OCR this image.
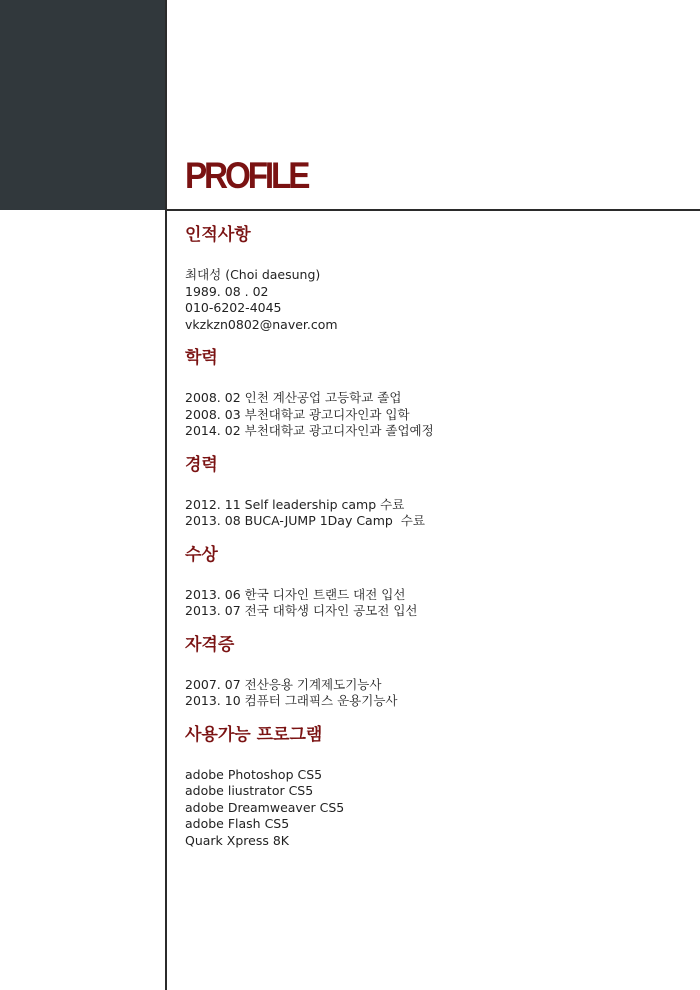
PROFILE
인적사항
최대성 (Choi daesung)
1989. 08 . 02
010-6202-4045
vkzkzn0802@naver.com
학력
2008. 02 인천 계산공업 고등학교 졸업
2008. 03 부천대학교 광고디자인과 입학
2014. 02 부천대학교 광고디자인과 졸업예정
경력
2012. 11 Self leadership camp 수료
2013. 08 BUCA-JUMP 1Day Camp  수료
수상
2013. 06 한국 디자인 트랜드 대전 입선
2013. 07 전국 대학생 디자인 공모전 입선
자격증
2007. 07 전산응용 기계제도기능사
2013. 10 컴퓨터 그래픽스 운용기능사
사용가능 프로그램
adobe Photoshop CS5
adobe liustrator CS5
adobe Dreamweaver CS5
adobe Flash CS5
Quark Xpress 8K
